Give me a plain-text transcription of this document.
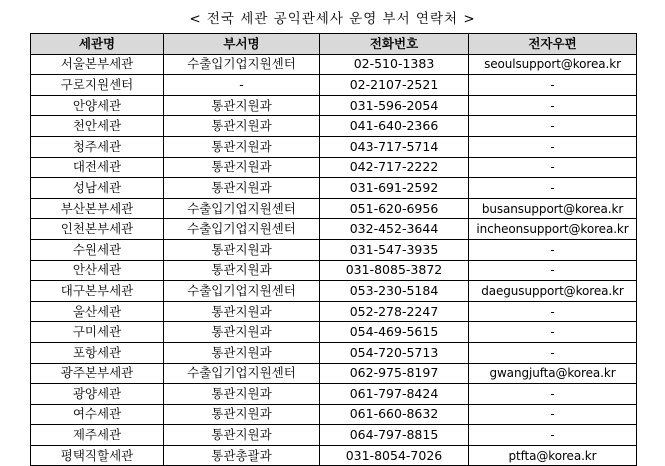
< 전국 세관 공익관세사 운영 부서 연락처 >
세관명	부서명	전화번호	전자우편
서울본부세관	수출입기업지원센터	02-510-1383	seoulsupport@korea.kr
구로지원센터	-	02-2107-2521	-
안양세관	통관지원과	031-596-2054	-
천안세관	통관지원과	041-640-2366	-
청주세관	통관지원과	043-717-5714	-
대전세관	통관지원과	042-717-2222	-
성남세관	통관지원과	031-691-2592	-
부산본부세관	수출입기업지원센터	051-620-6956	busansupport@korea.kr
인천본부세관	수출입기업지원센터	032-452-3644	incheonsupport@korea.kr
수원세관	통관지원과	031-547-3935	-
안산세관	통관지원과	031-8085-3872	-
대구본부세관	수출입기업지원센터	053-230-5184	daegusupport@korea.kr
울산세관	통관지원과	052-278-2247	-
구미세관	통관지원과	054-469-5615	-
포항세관	통관지원과	054-720-5713	-
광주본부세관	수출입기업지원센터	062-975-8197	gwangjufta@korea.kr
광양세관	통관지원과	061-797-8424	-
여수세관	통관지원과	061-660-8632	-
제주세관	통관지원과	064-797-8815	-
평택직할세관	통관총괄과	031-8054-7026	ptfta@korea.kr
